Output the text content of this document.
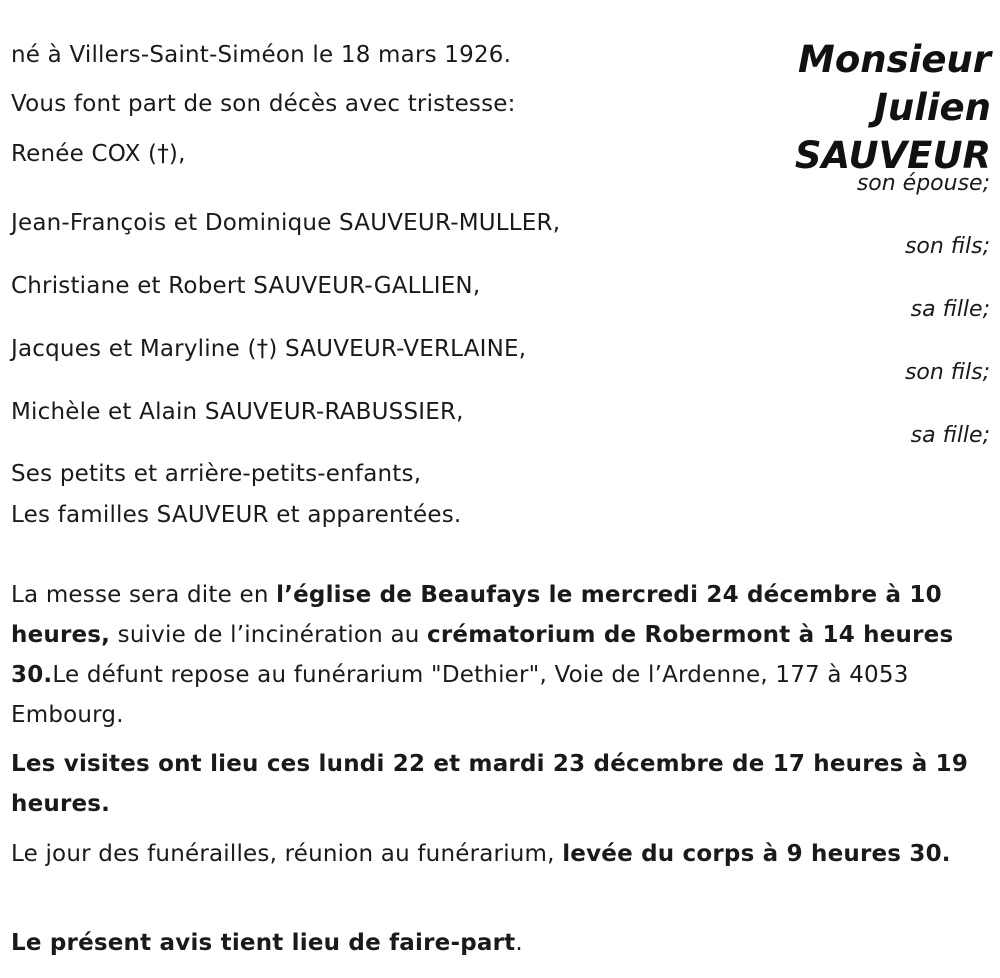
Monsieur
Julien
SAUVEUR
né à Villers-Saint-Siméon le 18 mars 1926.
Vous font part de son décès avec tristesse:
Renée COX (†),
son épouse;
Jean-François et Dominique SAUVEUR-MULLER,
son fils;
Christiane et Robert SAUVEUR-GALLIEN,
sa fille;
Jacques et Maryline (†) SAUVEUR-VERLAINE,
son fils;
Michèle et Alain SAUVEUR-RABUSSIER,
sa fille;
Ses petits et arrière-petits-enfants,
Les familles SAUVEUR et apparentées.
La messe sera dite en l’église de Beaufays le mercredi 24 décembre à 10 heures, suivie de l’incinération au crématorium de Robermont à 14 heures 30.Le défunt repose au funérarium "Dethier", Voie de l’Ardenne, 177 à 4053 Embourg.
Les visites ont lieu ces lundi 22 et mardi 23 décembre de 17 heures à 19 heures.
Le jour des funérailles, réunion au funérarium, levée du corps à 9 heures 30.
Le présent avis tient lieu de faire-part.
